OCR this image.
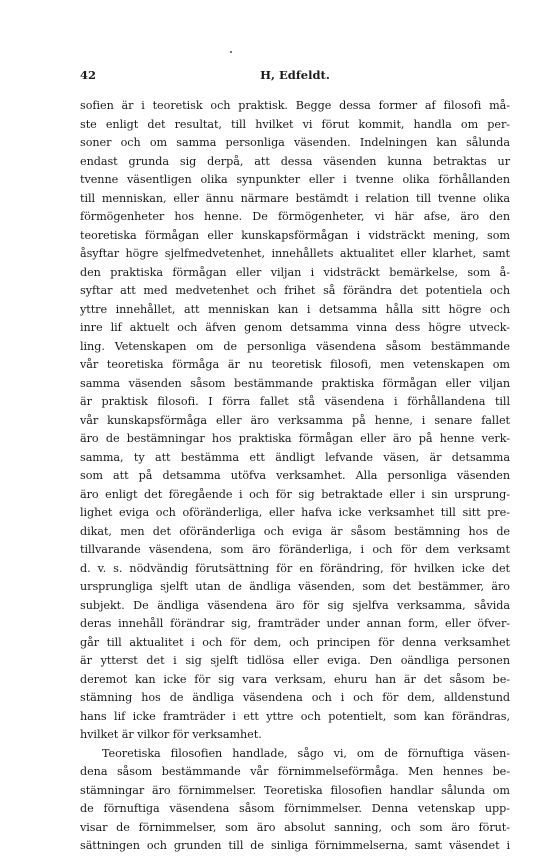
42	H, Edfeldt.
sofien är i teoretisk och praktisk. Begge dessa former af filosofi må-
ste enligt det resultat, till hvilket vi förut kommit, handla om per-
soner och om samma personliga väsenden. Indelningen kan sålunda
endast grunda sig derpå, att dessa väsenden kunna betraktas ur
tvenne väsentligen olika synpunkter eller i tvenne olika förhållanden
till menniskan, eller ännu närmare bestämdt i relation till tvenne olika
förmögenheter hos henne. De förmögenheter, vi här afse, äro den
teoretiska förmågan eller kunskapsförmågan i vidsträckt mening, som
åsyftar högre sjelfmedvetenhet, innehållets aktualitet eller klarhet, samt
den praktiska förmågan eller viljan i vidsträckt bemärkelse, som å-
syftar att med medvetenhet och frihet så förändra det potentiela och
yttre innehållet, att menniskan kan i detsamma hålla sitt högre och
inre lif aktuelt och äfven genom detsamma vinna dess högre utveck-
ling. Vetenskapen om de personliga väsendena såsom bestämmande
vår teoretiska förmåga är nu teoretisk filosofi, men vetenskapen om
samma väsenden såsom bestämmande praktiska förmågan eller viljan
är praktisk filosofi. I förra fallet stå väsendena i förhållandena till
vår kunskapsförmåga eller äro verksamma på henne, i senare fallet
äro de bestämningar hos praktiska förmågan eller äro på henne verk-
samma, ty att bestämma ett ändligt lefvande väsen, är detsamma
som att på detsamma utöfva verksamhet. Alla personliga väsenden
äro enligt det föregående i och för sig betraktade eller i sin ursprung-
lighet eviga och oföränderliga, eller hafva icke verksamhet till sitt pre-
dikat, men det oföränderliga och eviga är såsom bestämning hos de
tillvarande väsendena, som äro föränderliga, i och för dem verksamt
d. v. s. nödvändig förutsättning för en förändring, för hvilken icke det
ursprungliga sjelft utan de ändliga väsenden, som det bestämmer, äro
subjekt. De ändliga väsendena äro för sig sjelfva verksamma, såvida
deras innehåll förändrar sig, framträder under annan form, eller öfver-
går till aktualitet i och för dem, och principen för denna verksamhet
är ytterst det i sig sjelft tidlösa eller eviga. Den oändliga personen
deremot kan icke för sig vara verksam, ehuru han är det såsom be-
stämning hos de ändliga väsendena och i och för dem, alldenstund
hans lif icke framträder i ett yttre och potentielt, som kan förändras,
hvilket är vilkor för verksamhet.
Teoretiska filosofien handlade, sågo vi, om de förnuftiga väsen-
dena såsom bestämmande vår förnimmelseförmåga. Men hennes be-
stämningar äro förnimmelser. Teoretiska filosofien handlar sålunda om
de förnuftiga väsendena såsom förnimmelser. Denna vetenskap upp-
visar de förnimmelser, som äro absolut sanning, och som äro förut-
sättningen och grunden till de sinliga förnimmelserna, samt väsendet i
